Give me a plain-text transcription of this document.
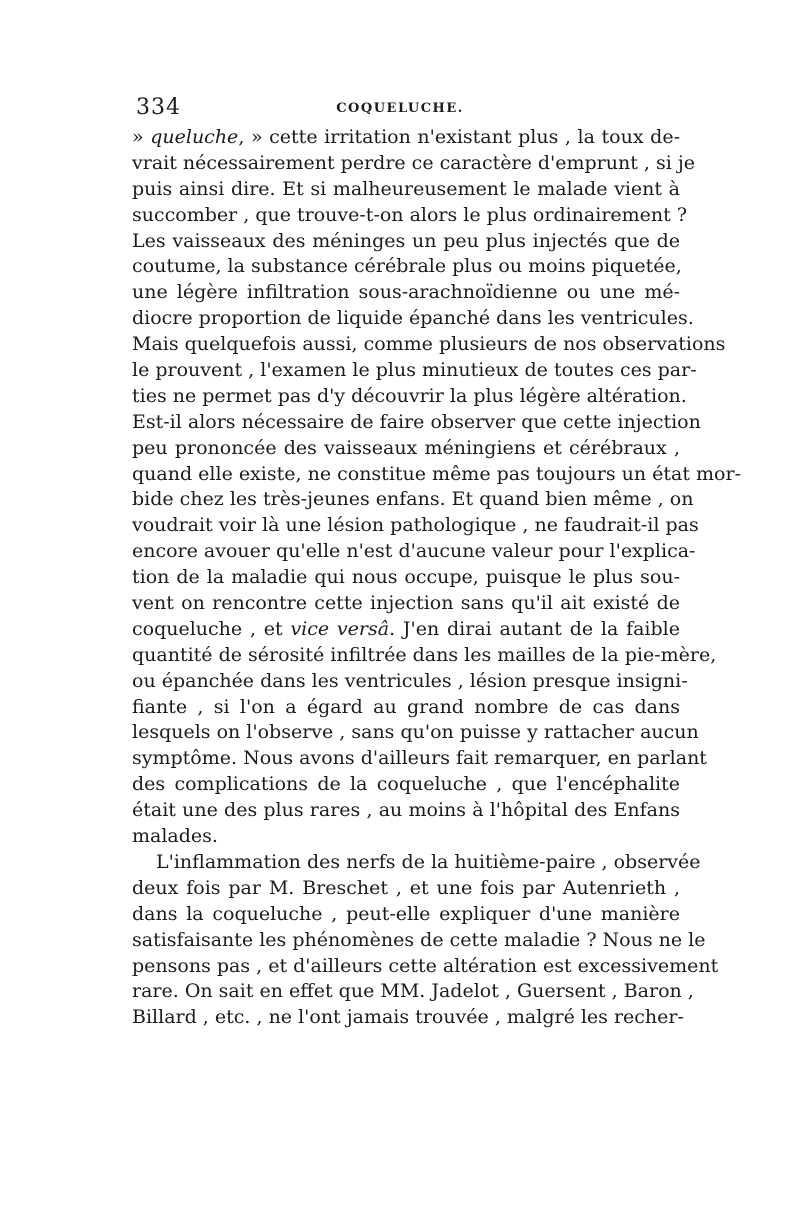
334	COQUELUCHE.
» queluche, » cette irritation n'existant plus , la toux de-
vrait nécessairement perdre ce caractère d'emprunt , si je
puis ainsi dire. Et si malheureusement le malade vient à
succomber , que trouve-t-on alors le plus ordinairement ?
Les vaisseaux des méninges un peu plus injectés que de
coutume, la substance cérébrale plus ou moins piquetée,
une légère infiltration sous-arachnoïdienne ou une mé-
diocre proportion de liquide épanché dans les ventricules.
Mais quelquefois aussi, comme plusieurs de nos observations
le prouvent , l'examen le plus minutieux de toutes ces par-
ties ne permet pas d'y découvrir la plus légère altération.
Est-il alors nécessaire de faire observer que cette injection
peu prononcée des vaisseaux méningiens et cérébraux ,
quand elle existe, ne constitue même pas toujours un état mor-
bide chez les très-jeunes enfans. Et quand bien même , on
voudrait voir là une lésion pathologique , ne faudrait-il pas
encore avouer qu'elle n'est d'aucune valeur pour l'explica-
tion de la maladie qui nous occupe, puisque le plus sou-
vent on rencontre cette injection sans qu'il ait existé de
coqueluche , et vice versâ. J'en dirai autant de la faible
quantité de sérosité infiltrée dans les mailles de la pie-mère,
ou épanchée dans les ventricules , lésion presque insigni-
fiante , si l'on a égard au grand nombre de cas dans
lesquels on l'observe , sans qu'on puisse y rattacher aucun
symptôme. Nous avons d'ailleurs fait remarquer, en parlant
des complications de la coqueluche , que l'encéphalite
était une des plus rares , au moins à l'hôpital des Enfans
malades.
L'inflammation des nerfs de la huitième-paire , observée
deux fois par M. Breschet , et une fois par Autenrieth ,
dans la coqueluche , peut-elle expliquer d'une manière
satisfaisante les phénomènes de cette maladie ? Nous ne le
pensons pas , et d'ailleurs cette altération est excessivement
rare. On sait en effet que MM. Jadelot , Guersent , Baron ,
Billard , etc. , ne l'ont jamais trouvée , malgré les recher-
